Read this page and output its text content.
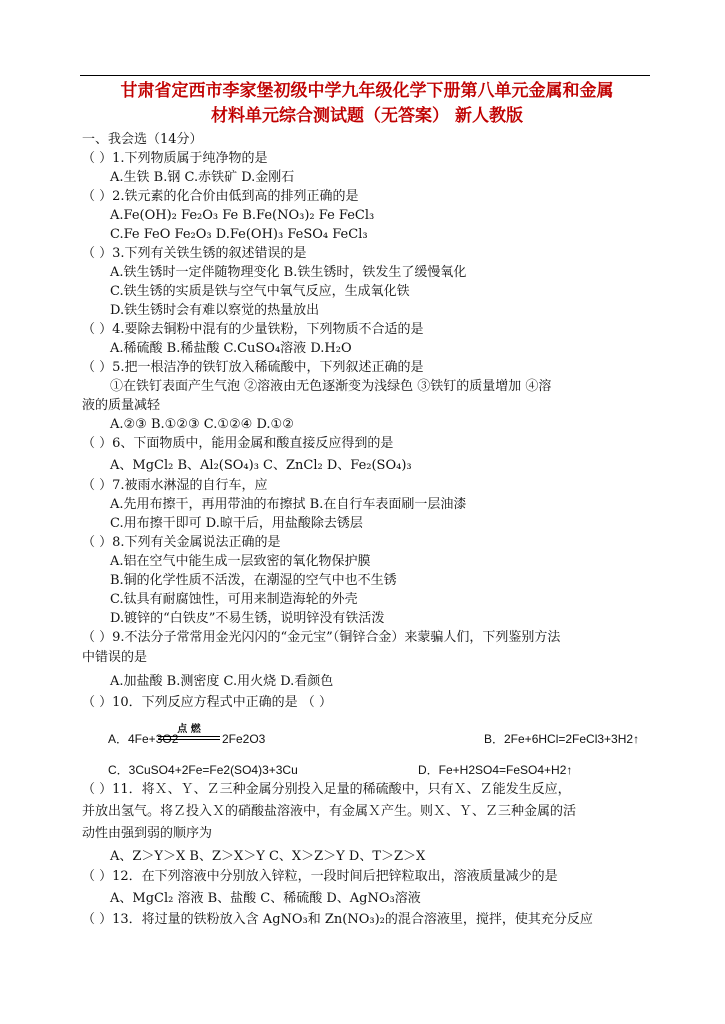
甘肃省定西市李家堡初级中学九年级化学下册第八单元金属和金属
材料单元综合测试题（无答案） 新人教版
一、我会选（14分）
（ ）1.下列物质属于纯净物的是
A.生铁 B.钢 C.赤铁矿 D.金刚石
（ ）2.铁元素的化合价由低到高的排列正确的是
A.Fe(OH)₂ Fe₂O₃ Fe B.Fe(NO₃)₂ Fe FeCl₃
C.Fe FeO Fe₂O₃ D.Fe(OH)₃ FeSO₄ FeCl₃
（ ）3.下列有关铁生锈的叙述错误的是
A.铁生锈时一定伴随物理变化 B.铁生锈时，铁发生了缓慢氧化
C.铁生锈的实质是铁与空气中氧气反应，生成氧化铁
D.铁生锈时会有难以察觉的热量放出
（ ）4.要除去铜粉中混有的少量铁粉，下列物质不合适的是
A.稀硫酸 B.稀盐酸 C.CuSO₄溶液 D.H₂O
（ ）5.把一根洁净的铁钉放入稀硫酸中，下列叙述正确的是
①在铁钉表面产生气泡 ②溶液由无色逐渐变为浅绿色 ③铁钉的质量增加 ④溶
液的质量减轻
A.②③ B.①②③ C.①②④ D.①②
（ ）6、下面物质中，能用金属和酸直接反应得到的是
A、MgCl₂ B、Al₂(SO₄)₃ C、ZnCl₂ D、Fe₂(SO₄)₃
（ ）7.被雨水淋湿的自行车，应
A.先用布擦干，再用带油的布擦拭 B.在自行车表面刷一层油漆
C.用布擦干即可 D.晾干后，用盐酸除去锈层
（ ）8.下列有关金属说法正确的是
A.铝在空气中能生成一层致密的氧化物保护膜
B.铜的化学性质不活泼，在潮湿的空气中也不生锈
C.钛具有耐腐蚀性，可用来制造海轮的外壳
D.镀锌的“白铁皮”不易生锈，说明锌没有铁活泼
（ ）9.不法分子常常用金光闪闪的“金元宝”（铜锌合金）来蒙骗人们，下列鉴别方法
中错误的是
A.加盐酸 B.测密度 C.用火烧 D.看颜色
（ ）10．下列反应方程式中正确的是 （ ）
A．4Fe+3O2
点 燃
2Fe2O3	B．2Fe+6HCl=2FeCl3+3H2↑
C．3CuSO4+2Fe=Fe2(SO4)3+3Cu	D．Fe+H2SO4=FeSO4+H2↑
（ ）11．将Ｘ、Ｙ、Ｚ三种金属分别投入足量的稀硫酸中，只有Ｘ、Ｚ能发生反应，
并放出氢气。将Ｚ投入Ｘ的硝酸盐溶液中，有金属Ｘ产生。则Ｘ、Ｙ、Ｚ三种金属的活
动性由强到弱的顺序为
A、Z＞Y＞X B、Z＞X＞Y C、X＞Z＞Y D、T＞Z＞X
（ ）12．在下列溶液中分别放入锌粒，一段时间后把锌粒取出，溶液质量减少的是
A、MgCl₂ 溶液 B、盐酸 C、稀硫酸 D、AgNO₃溶液
（ ）13．将过量的铁粉放入含 AgNO₃和 Zn(NO₃)₂的混合溶液里，搅拌，使其充分反应
